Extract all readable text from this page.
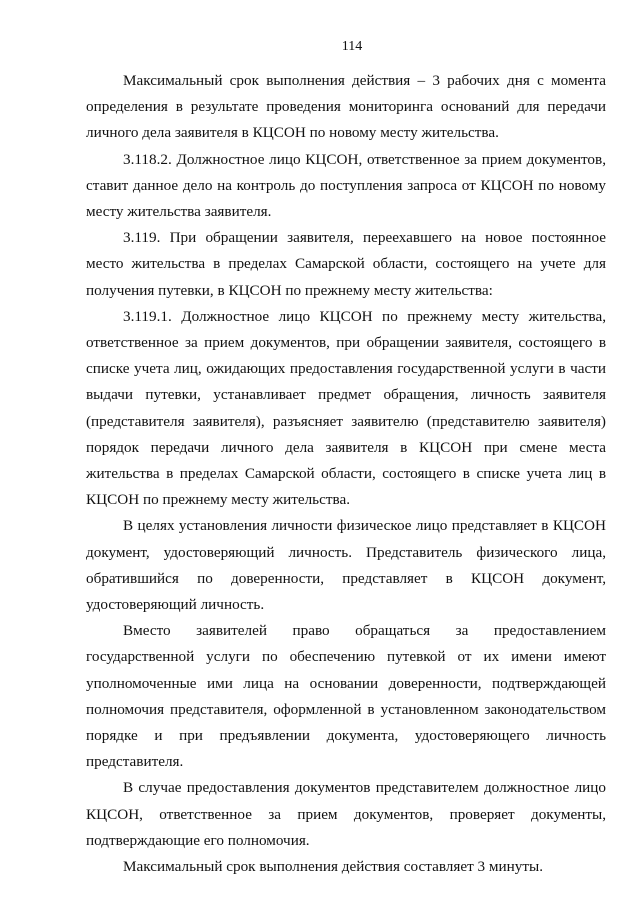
114

Максимальный срок выполнения действия – 3 рабочих дня с момента определения в результате проведения мониторинга оснований для передачи личного дела заявителя в КЦСОН по новому месту жительства.

3.118.2. Должностное лицо КЦСОН, ответственное за прием документов, ставит данное дело на контроль до поступления запроса от КЦСОН по новому месту жительства заявителя.

3.119. При обращении заявителя, переехавшего на новое постоянное место жительства в пределах Самарской области, состоящего на учете для получения путевки, в КЦСОН по прежнему месту жительства:

3.119.1. Должностное лицо КЦСОН по прежнему месту жительства, ответственное за прием документов, при обращении заявителя, состоящего в списке учета лиц, ожидающих предоставления государственной услуги в части выдачи путевки, устанавливает предмет обращения, личность заявителя (представителя заявителя), разъясняет заявителю (представителю заявителя) порядок передачи личного дела заявителя в КЦСОН при смене места жительства в пределах Самарской области, состоящего в списке учета лиц в КЦСОН по прежнему месту жительства.

В целях установления личности физическое лицо представляет в КЦСОН документ, удостоверяющий личность. Представитель физического лица, обратившийся по доверенности, представляет в КЦСОН документ, удостоверяющий личность.

Вместо заявителей право обращаться за предоставлением государственной услуги по обеспечению путевкой от их имени имеют уполномоченные ими лица на основании доверенности, подтверждающей полномочия представителя, оформленной в установленном законодательством порядке и при предъявлении документа, удостоверяющего личность представителя.

В случае предоставления документов представителем должностное лицо КЦСОН, ответственное за прием документов, проверяет документы, подтверждающие его полномочия.

Максимальный срок выполнения действия составляет 3 минуты.
